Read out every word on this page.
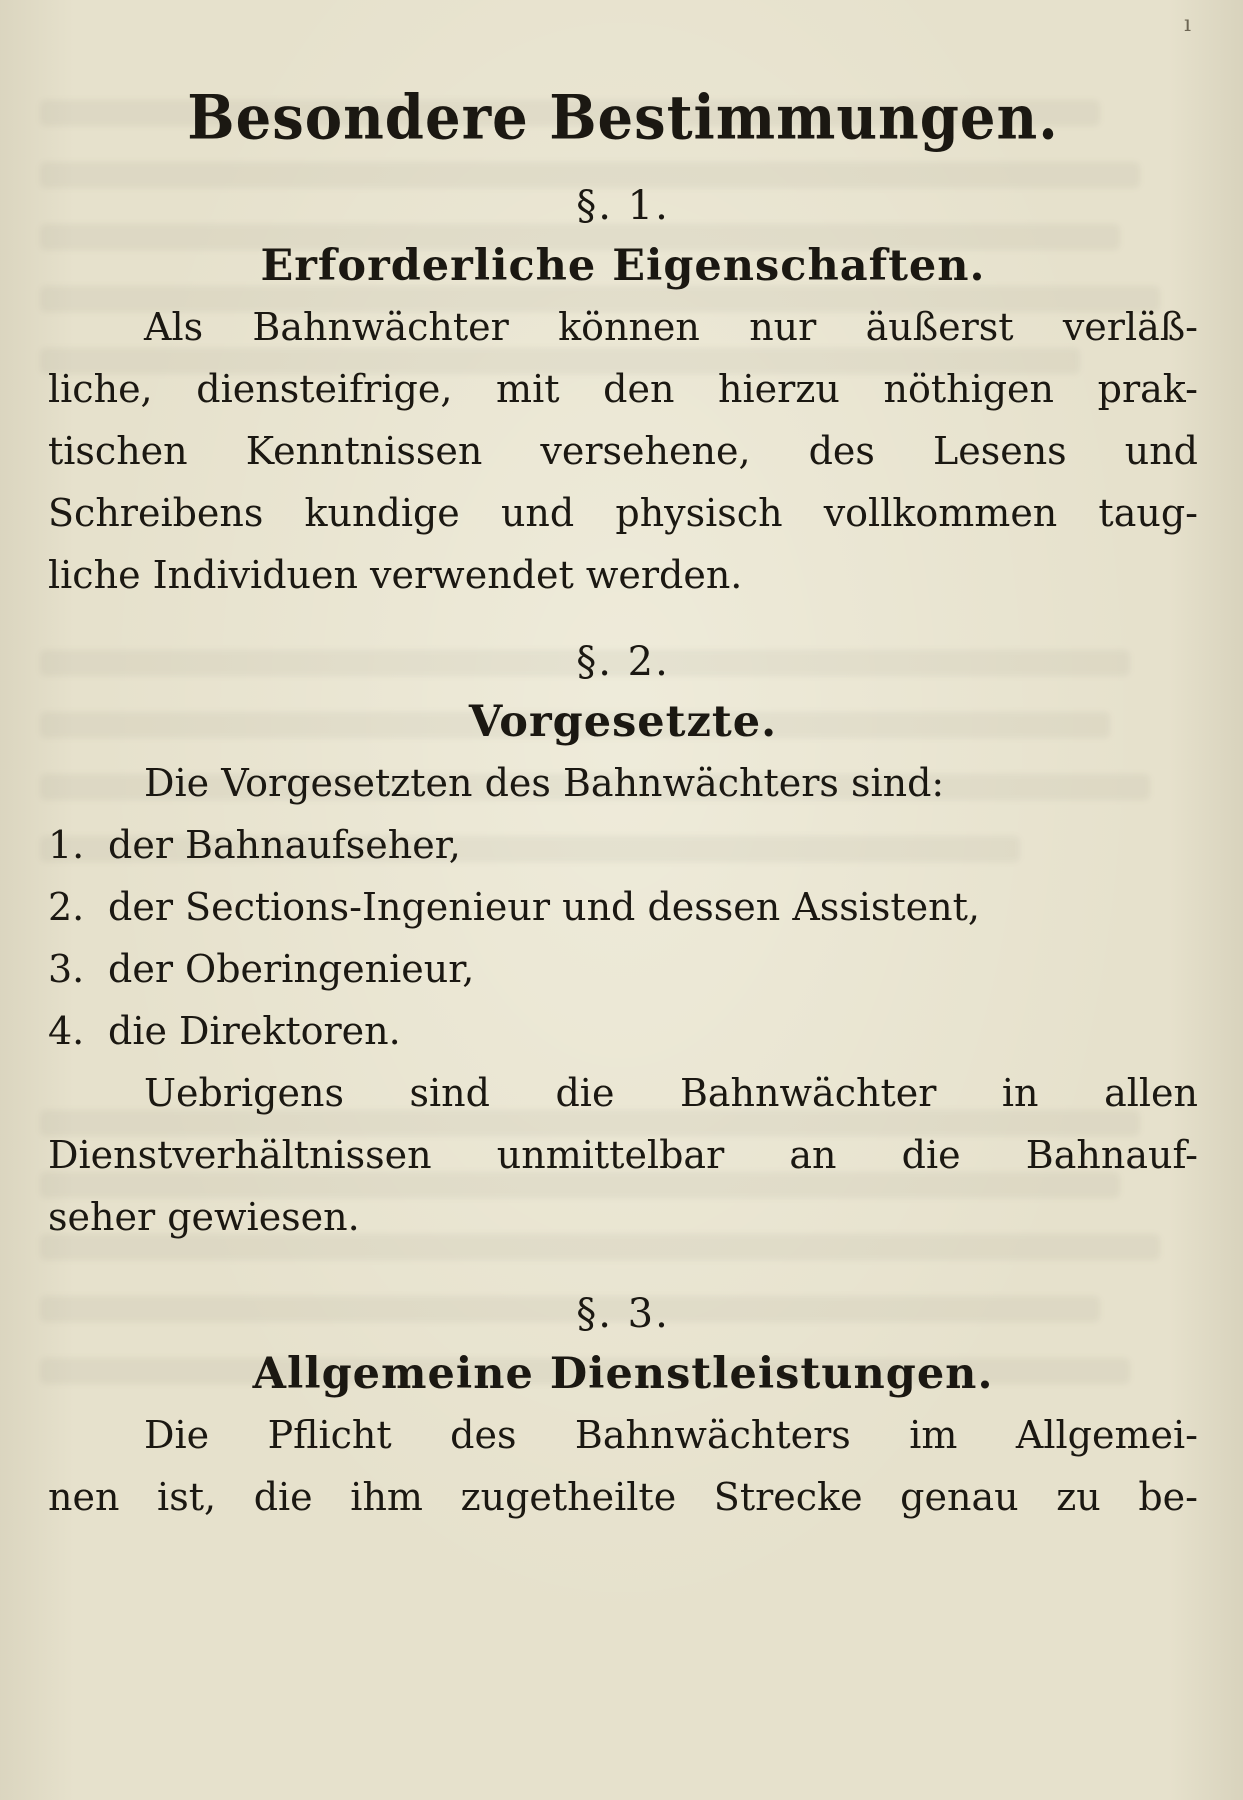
ı
Besondere Bestimmungen.

§. 1.

Erforderliche Eigenschaften.

Als Bahnwächter können nur äußerst verläß-
liche, diensteifrige, mit den hierzu nöthigen prak-
tischen Kenntnissen versehene, des Lesens und
Schreibens kundige und physisch vollkommen taug-
liche Individuen verwendet werden.

§. 2.

Vorgesetzte.

Die Vorgesetzten des Bahnwächters sind:

1. der Bahnaufseher,
2. der Sections-Ingenieur und dessen Assistent,
3. der Oberingenieur,
4. die Direktoren.

Uebrigens sind die Bahnwächter in allen
Dienstverhältnissen unmittelbar an die Bahnauf-
seher gewiesen.

§. 3.

Allgemeine Dienstleistungen.

Die Pflicht des Bahnwächters im Allgemei-
nen ist, die ihm zugetheilte Strecke genau zu be-
